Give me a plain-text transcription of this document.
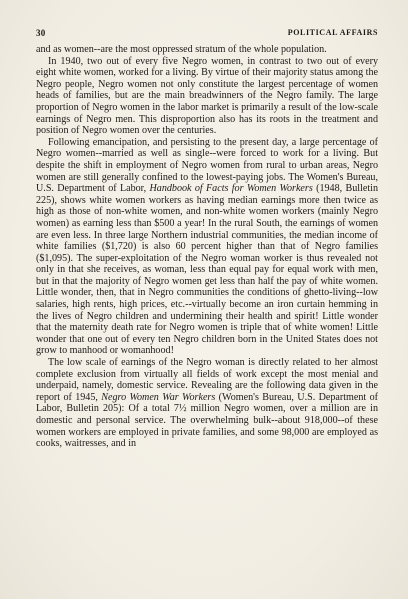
30	POLITICAL AFFAIRS

and as women--are the most oppressed stratum of the whole population.

In 1940, two out of every five Negro women, in contrast to two out of every eight white women, worked for a living. By virtue of their majority status among the Negro people, Negro women not only constitute the largest percentage of women heads of families, but are the main breadwinners of the Negro family. The large proportion of Negro women in the labor market is primarily a result of the low-scale earnings of Negro men. This disproportion also has its roots in the treatment and position of Negro women over the centuries.

Following emancipation, and persisting to the present day, a large percentage of Negro women--married as well as single--were forced to work for a living. But despite the shift in employment of Negro women from rural to urban areas, Negro women are still generally confined to the lowest-paying jobs. The Women's Bureau, U.S. Department of Labor, Handbook of Facts for Women Workers (1948, Bulletin 225), shows white women workers as having median earnings more then twice as high as those of non-white women, and non-white women workers (mainly Negro women) as earning less than $500 a year! In the rural South, the earnings of women are even less. In three large Northern industrial communities, the median income of white families ($1,720) is also 60 percent higher than that of Negro families ($1,095). The super-exploitation of the Negro woman worker is thus revealed not only in that she receives, as woman, less than equal pay for equal work with men, but in that the majority of Negro women get less than half the pay of white women. Little wonder, then, that in Negro communities the conditions of ghetto-living--low salaries, high rents, high prices, etc.--virtually become an iron curtain hemming in the lives of Negro children and undermining their health and spirit! Little wonder that the maternity death rate for Negro women is triple that of white women! Little wonder that one out of every ten Negro children born in the United States does not grow to manhood or womanhood!

The low scale of earnings of the Negro woman is directly related to her almost complete exclusion from virtually all fields of work except the most menial and underpaid, namely, domestic service. Revealing are the following data given in the report of 1945, Negro Women War Workers (Women's Bureau, U.S. Department of Labor, Bulletin 205): Of a total 7½ million Negro women, over a million are in domestic and personal service. The overwhelming bulk--about 918,000--of these women workers are employed in private families, and some 98,000 are employed as cooks, waitresses, and in
